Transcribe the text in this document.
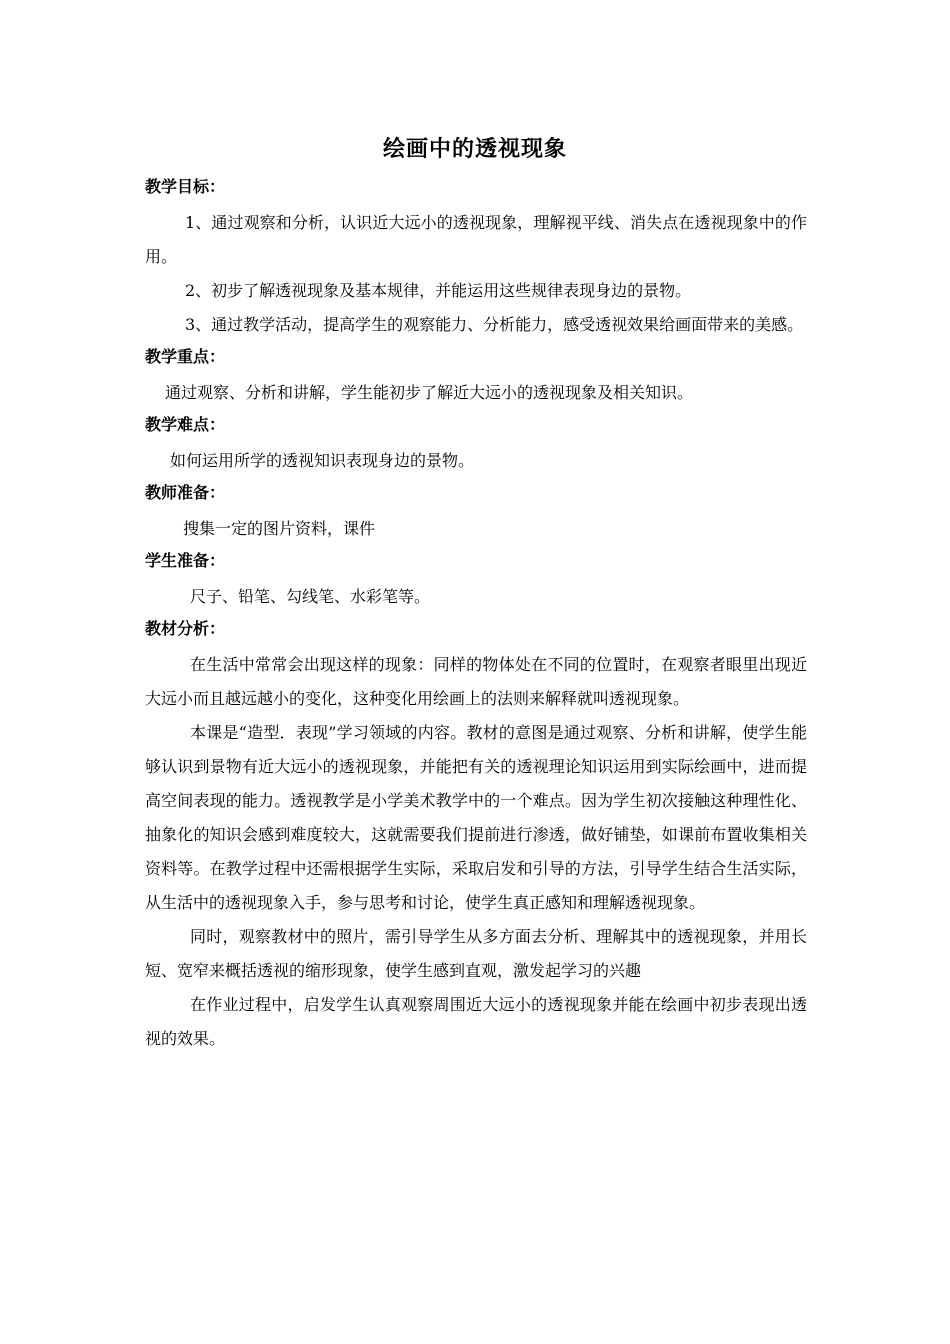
绘画中的透视现象
教学目标：

1、通过观察和分析，认识近大远小的透视现象，理解视平线、消失点在透视现象中的作用。

2、初步了解透视现象及基本规律，并能运用这些规律表现身边的景物。

3、通过教学活动，提高学生的观察能力、分析能力，感受透视效果给画面带来的美感。

教学重点：

通过观察、分析和讲解，学生能初步了解近大远小的透视现象及相关知识。

教学难点：

如何运用所学的透视知识表现身边的景物。

教师准备：

搜集一定的图片资料，课件

学生准备：

尺子、铅笔、勾线笔、水彩笔等。

教材分析：

在生活中常常会出现这样的现象：同样的物体处在不同的位置时，在观察者眼里出现近大远小而且越远越小的变化，这种变化用绘画上的法则来解释就叫透视现象。

本课是“造型．表现”学习领域的内容。教材的意图是通过观察、分析和讲解，使学生能够认识到景物有近大远小的透视现象，并能把有关的透视理论知识运用到实际绘画中，进而提高空间表现的能力。透视教学是小学美术教学中的一个难点。因为学生初次接触这种理性化、抽象化的知识会感到难度较大，这就需要我们提前进行渗透，做好铺垫，如课前布置收集相关资料等。在教学过程中还需根据学生实际，采取启发和引导的方法，引导学生结合生活实际，从生活中的透视现象入手，参与思考和讨论，使学生真正感知和理解透视现象。

同时，观察教材中的照片，需引导学生从多方面去分析、理解其中的透视现象，并用长短、宽窄来概括透视的缩形现象，使学生感到直观，激发起学习的兴趣

在作业过程中，启发学生认真观察周围近大远小的透视现象并能在绘画中初步表现出透视的效果。
